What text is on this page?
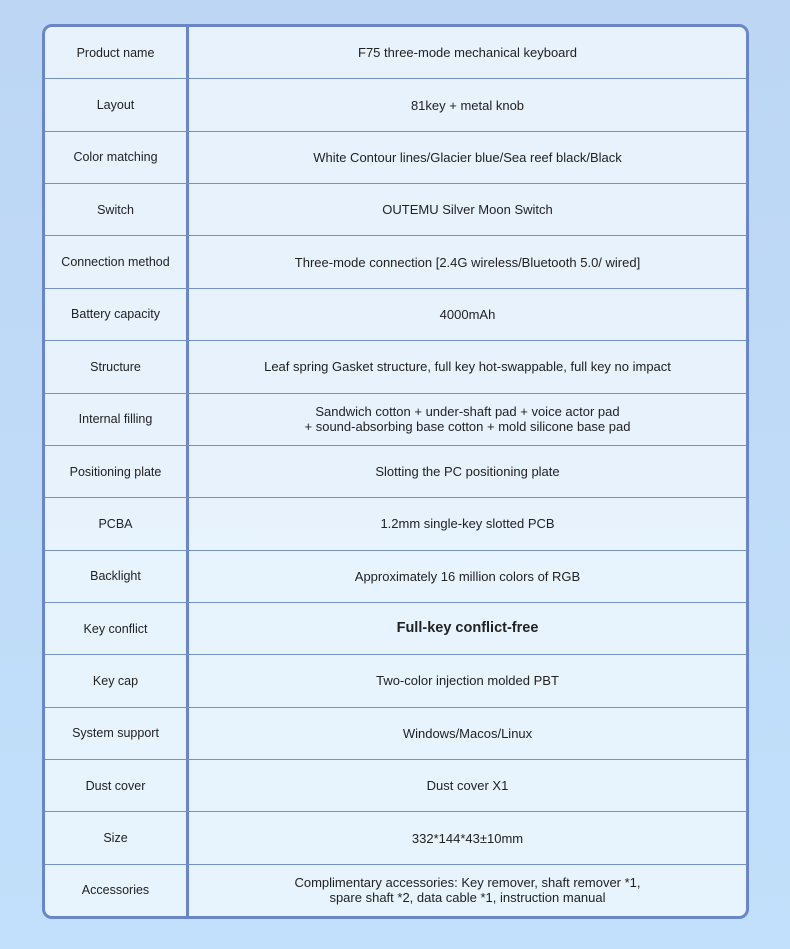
Product name	F75 three-mode mechanical keyboard
Layout	81key + metal knob
Color matching	White Contour lines/Glacier blue/Sea reef black/Black
Switch	OUTEMU Silver Moon Switch
Connection method	Three-mode connection [2.4G wireless/Bluetooth 5.0/ wired]
Battery capacity	4000mAh
Structure	Leaf spring Gasket structure, full key hot-swappable, full key no impact
Internal filling	Sandwich cotton + under-shaft pad + voice actor pad
+ sound-absorbing base cotton + mold silicone base pad
Positioning plate	Slotting the PC positioning plate
PCBA	1.2mm single-key slotted PCB
Backlight	Approximately 16 million colors of RGB
Key conflict	Full-key conflict-free
Key cap	Two-color injection molded PBT
System support	Windows/Macos/Linux
Dust cover	Dust cover X1
Size	332*144*43±10mm
Accessories	Complimentary accessories: Key remover, shaft remover *1,
spare shaft *2, data cable *1, instruction manual
